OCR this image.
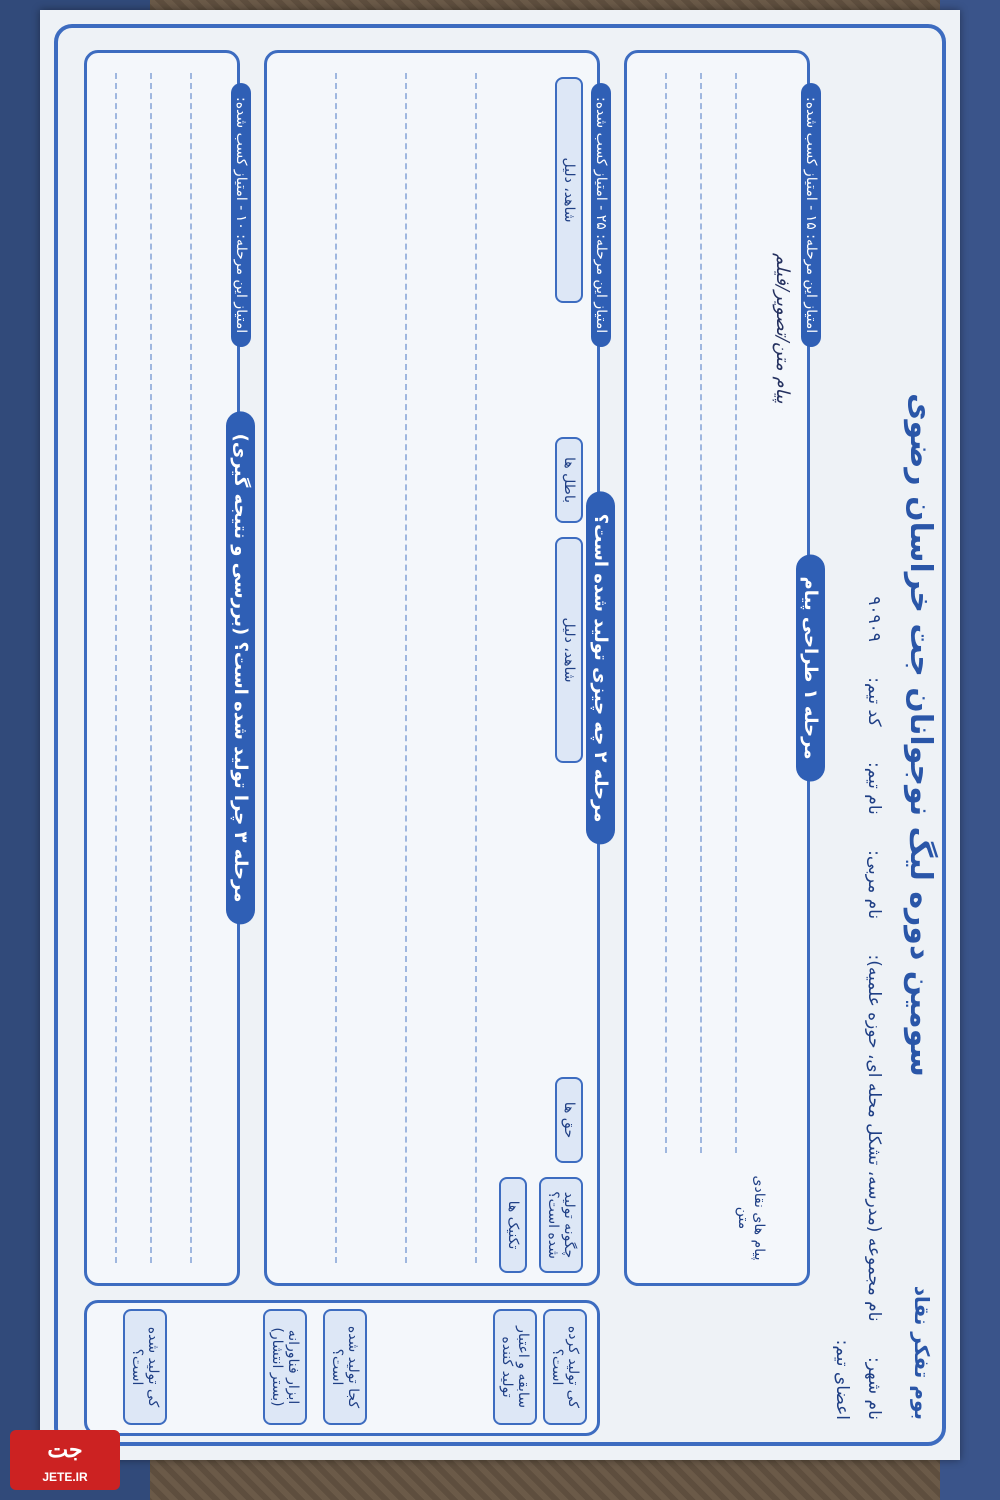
بوم تفکر نقاد
سومین دوره لیگ نوجوانان جت خراسان رضوی
نام شهر: نام مجموعه (مدرسه، تشکل محله ای، حوزه علمیه): نام مربی: نام تیم: کد تیم: ۹۰۹۰۹
اعضای تیم:
مرحله ۱ طراحی پیام
امتیاز این مرحله: ۱۵ - امتیاز کسب شده:
پیام های نقادی متن
پیام متن/تصویر/فیلم
مرحله ۲ چه چیزی تولید شده است؟
امتیاز این مرحله: ۲۵ - امتیاز کسب شده:
چگونه تولید شده است؟
تکنیک ها
حق ها
شاهد، دلیل
باطل ها
شاهد، دلیل
مرحله ۳ چرا تولید شده است؟ (بررسی و نتیجه گیری)
امتیاز این مرحله: ۱۰ - امتیاز کسب شده:
کی تولید کرده است؟
سابقه و اعتبار تولید کننده
کجا تولید شده است؟
ابزار فناورانه (بستر انتشار)
کی تولید شده است؟
جت
JETE.IR
